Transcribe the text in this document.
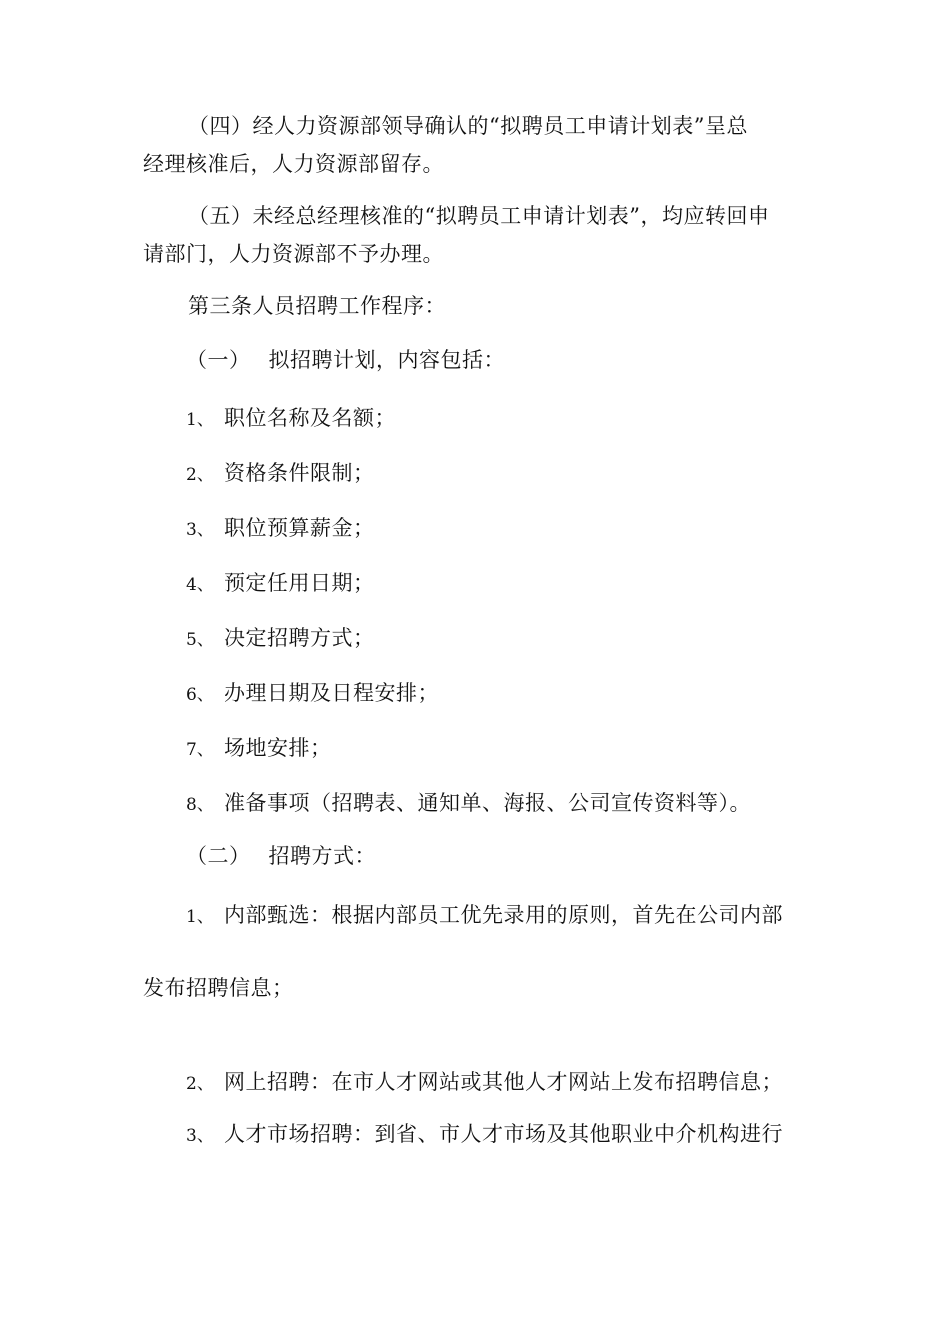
（四）经人力资源部领导确认的“拟聘员工申请计划表”呈总
经理核准后，人力资源部留存。
（五）未经总经理核准的“拟聘员工申请计划表”，均应转回申
请部门，人力资源部不予办理。
第三条人员招聘工作程序：
（一） 拟招聘计划，内容包括：
1、 职位名称及名额；
2、 资格条件限制；
3、 职位预算薪金；
4、 预定任用日期；
5、 决定招聘方式；
6、 办理日期及日程安排；
7、 场地安排；
8、 准备事项（招聘表、通知单、海报、公司宣传资料等）。
（二） 招聘方式：
1、 内部甄选：根据内部员工优先录用的原则，首先在公司内部
发布招聘信息；
2、 网上招聘：在市人才网站或其他人才网站上发布招聘信息；
3、 人才市场招聘：到省、市人才市场及其他职业中介机构进行
